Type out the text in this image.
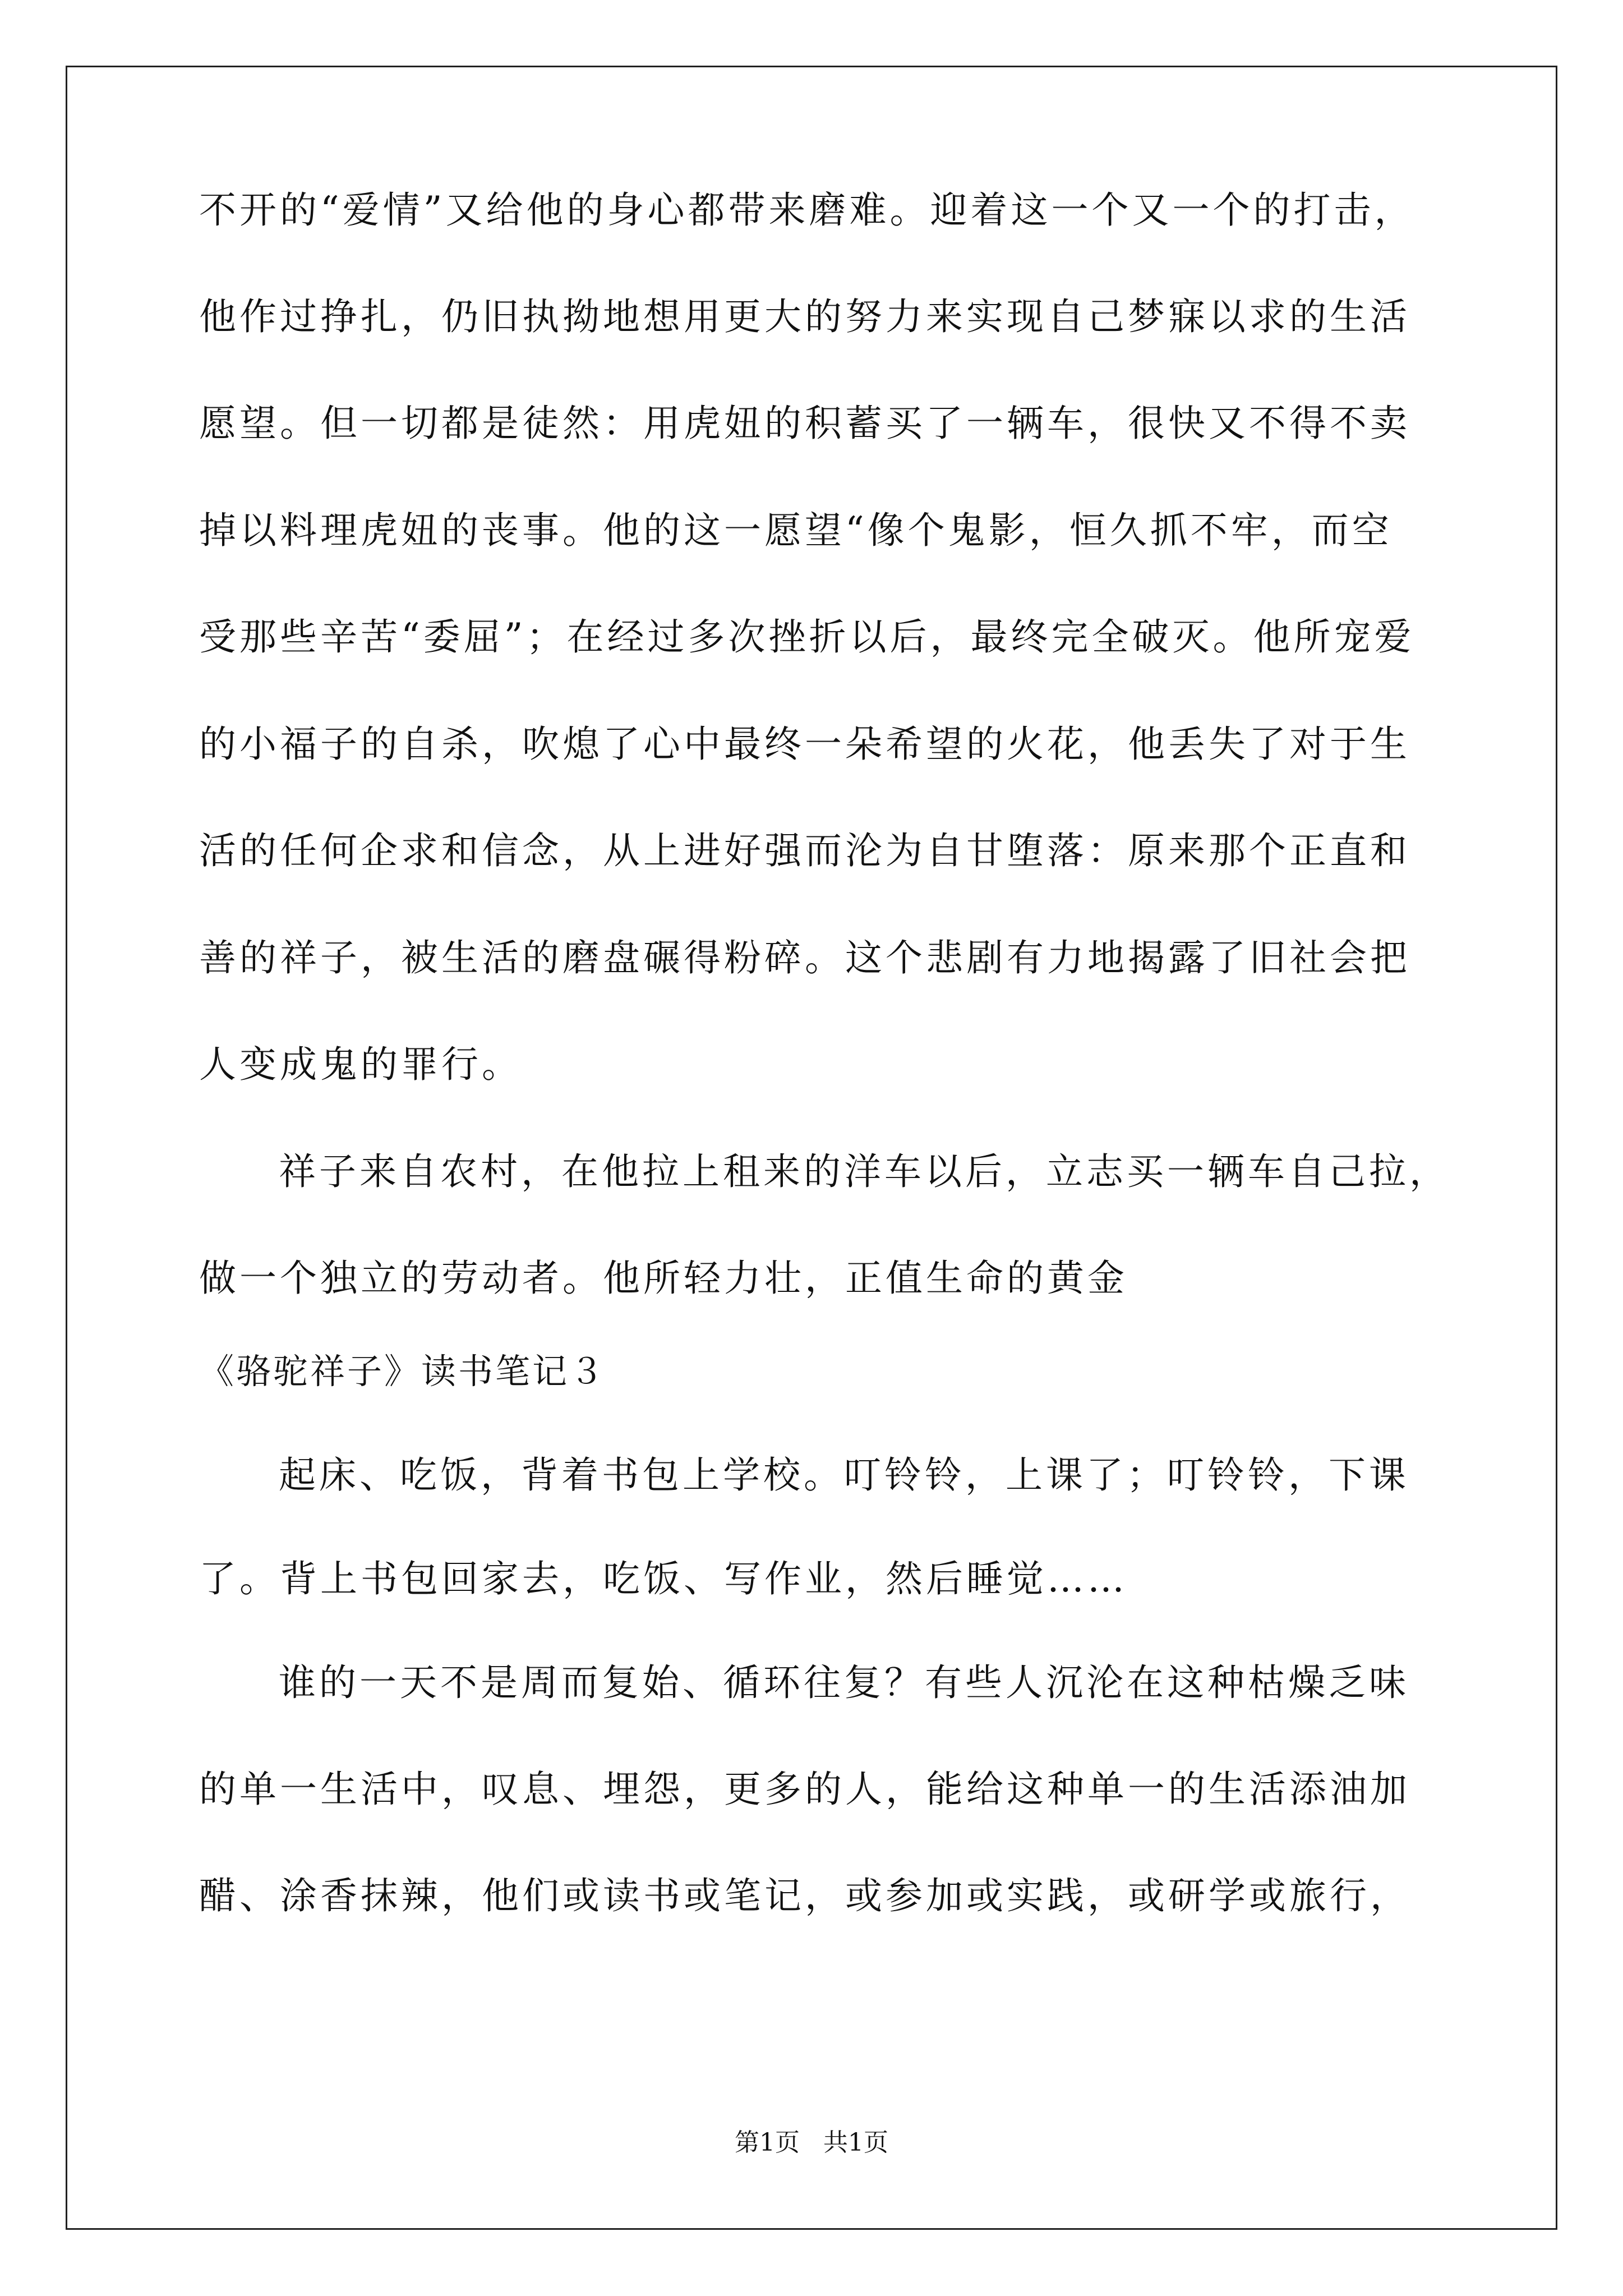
不开的“爱情”又给他的身心都带来磨难。迎着这一个又一个的打击，
他作过挣扎，仍旧执拗地想用更大的努力来实现自己梦寐以求的生活
愿望。但一切都是徒然：用虎妞的积蓄买了一辆车，很快又不得不卖
掉以料理虎妞的丧事。他的这一愿望“像个鬼影，恒久抓不牢，而空
受那些辛苦“委屈”；在经过多次挫折以后，最终完全破灭。他所宠爱
的小福子的自杀，吹熄了心中最终一朵希望的火花，他丢失了对于生
活的任何企求和信念，从上进好强而沦为自甘堕落：原来那个正直和
善的祥子，被生活的磨盘碾得粉碎。这个悲剧有力地揭露了旧社会把
人变成鬼的罪行。
祥子来自农村，在他拉上租来的洋车以后，立志买一辆车自己拉，
做一个独立的劳动者。他所轻力壮，正值生命的黄金
《骆驼祥子》读书笔记３
起床、吃饭，背着书包上学校。叮铃铃，上课了；叮铃铃，下课
了。背上书包回家去，吃饭、写作业，然后睡觉……
谁的一天不是周而复始、循环往复？有些人沉沦在这种枯燥乏味
的单一生活中，叹息、埋怨，更多的人，能给这种单一的生活添油加
醋、涂香抹辣，他们或读书或笔记，或参加或实践，或研学或旅行，
第1页   共1页
